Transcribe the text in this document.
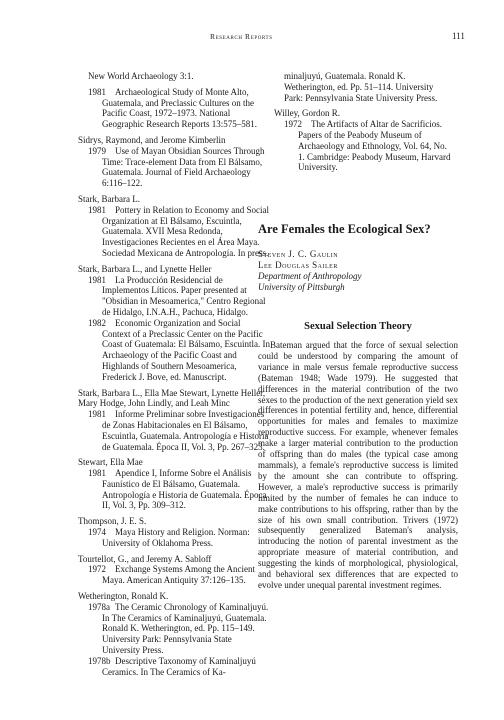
Research Reports	111
New World Archaeology 3:1.
1981 Archaeological Study of Monte Alto, Guatemala, and Preclassic Cultures on the Pacific Coast, 1972–1973. National Geographic Research Reports 13:575–581.
Sidrys, Raymond, and Jerome Kimberlin
1979 Use of Mayan Obsidian Sources Through Time: Trace-element Data from El Bálsamo, Guatemala. Journal of Field Archaeology 6:116–122.
Stark, Barbara L.
1981 Pottery in Relation to Economy and Social Organization at El Bálsamo, Escuintla, Guatemala. XVII Mesa Redonda, Investigaciones Recientes en el Área Maya. Sociedad Mexicana de Antropología. In press.
Stark, Barbara L., and Lynette Heller
1981 La Producción Residencial de Implementos Líticos. Paper presented at "Obsidian in Mesoamerica," Centro Regional de Hidalgo, I.N.A.H., Pachuca, Hidalgo.
1982 Economic Organization and Social Context of a Preclassic Center on the Pacific Coast of Guatemala: El Bálsamo, Escuintla. In Archaeology of the Pacific Coast and Highlands of Southern Mesoamerica, Frederick J. Bove, ed. Manuscript.
Stark, Barbara L., Ella Mae Stewart, Lynette Heller, Mary Hodge, John Lindly, and Leah Minc
1981 Informe Preliminar sobre Investigaciones de Zonas Habitacionales en El Bálsamo, Escuintla, Guatemala. Antropología e Historia de Guatemala. Época II, Vol. 3, Pp. 267–323.
Stewart, Ella Mae
1981 Apendice I, Informe Sobre el Análisis Faunístico de El Bálsamo, Guatemala. Antropología e Historia de Guatemala. Época II, Vol. 3, Pp. 309–312.
Thompson, J. E. S.
1974 Maya History and Religion. Norman: University of Oklahoma Press.
Tourtellot, G., and Jeremy A. Sabloff
1972 Exchange Systems Among the Ancient Maya. American Antiquity 37:126–135.
Wetherington, Ronald K.
1978a The Ceramic Chronology of Kaminaljuyú. In The Ceramics of Kaminaljuyú, Guatemala. Ronald K. Wetherington, ed. Pp. 115–149. University Park: Pennsylvania State University Press.
1978b Descriptive Taxonomy of Kaminaljuyú Ceramics. In The Ceramics of Ka-
minaljuyú, Guatemala. Ronald K. Wetherington, ed. Pp. 51–114. University Park: Pennsylvania State University Press.
Willey, Gordon R.
1972 The Artifacts of Altar de Sacrificios. Papers of the Peabody Museum of Archaeology and Ethnology, Vol. 64, No. 1. Cambridge: Peabody Museum, Harvard University.
Are Females the Ecological Sex?
Steven J. C. Gaulin
Lee Douglas Sailer
Department of Anthropology
University of Pittsburgh
Sexual Selection Theory

Bateman argued that the force of sexual selection could be understood by comparing the amount of variance in male versus female reproductive success (Bateman 1948; Wade 1979). He suggested that differences in the material contribution of the two sexes to the production of the next generation yield sex differences in potential fertility and, hence, differential opportunities for males and females to maximize reproductive success. For example, whenever females make a larger material contribution to the production of offspring than do males (the typical case among mammals), a female's reproductive success is limited by the amount she can contribute to offspring. However, a male's reproductive success is primarily limited by the number of females he can induce to make contributions to his offspring, rather than by the size of his own small contribution. Trivers (1972) subsequently generalized Bateman's analysis, introducing the notion of parental investment as the appropriate measure of material contribution, and suggesting the kinds of morphological, physiological, and behavioral sex differences that are expected to evolve under unequal parental investment regimes.
